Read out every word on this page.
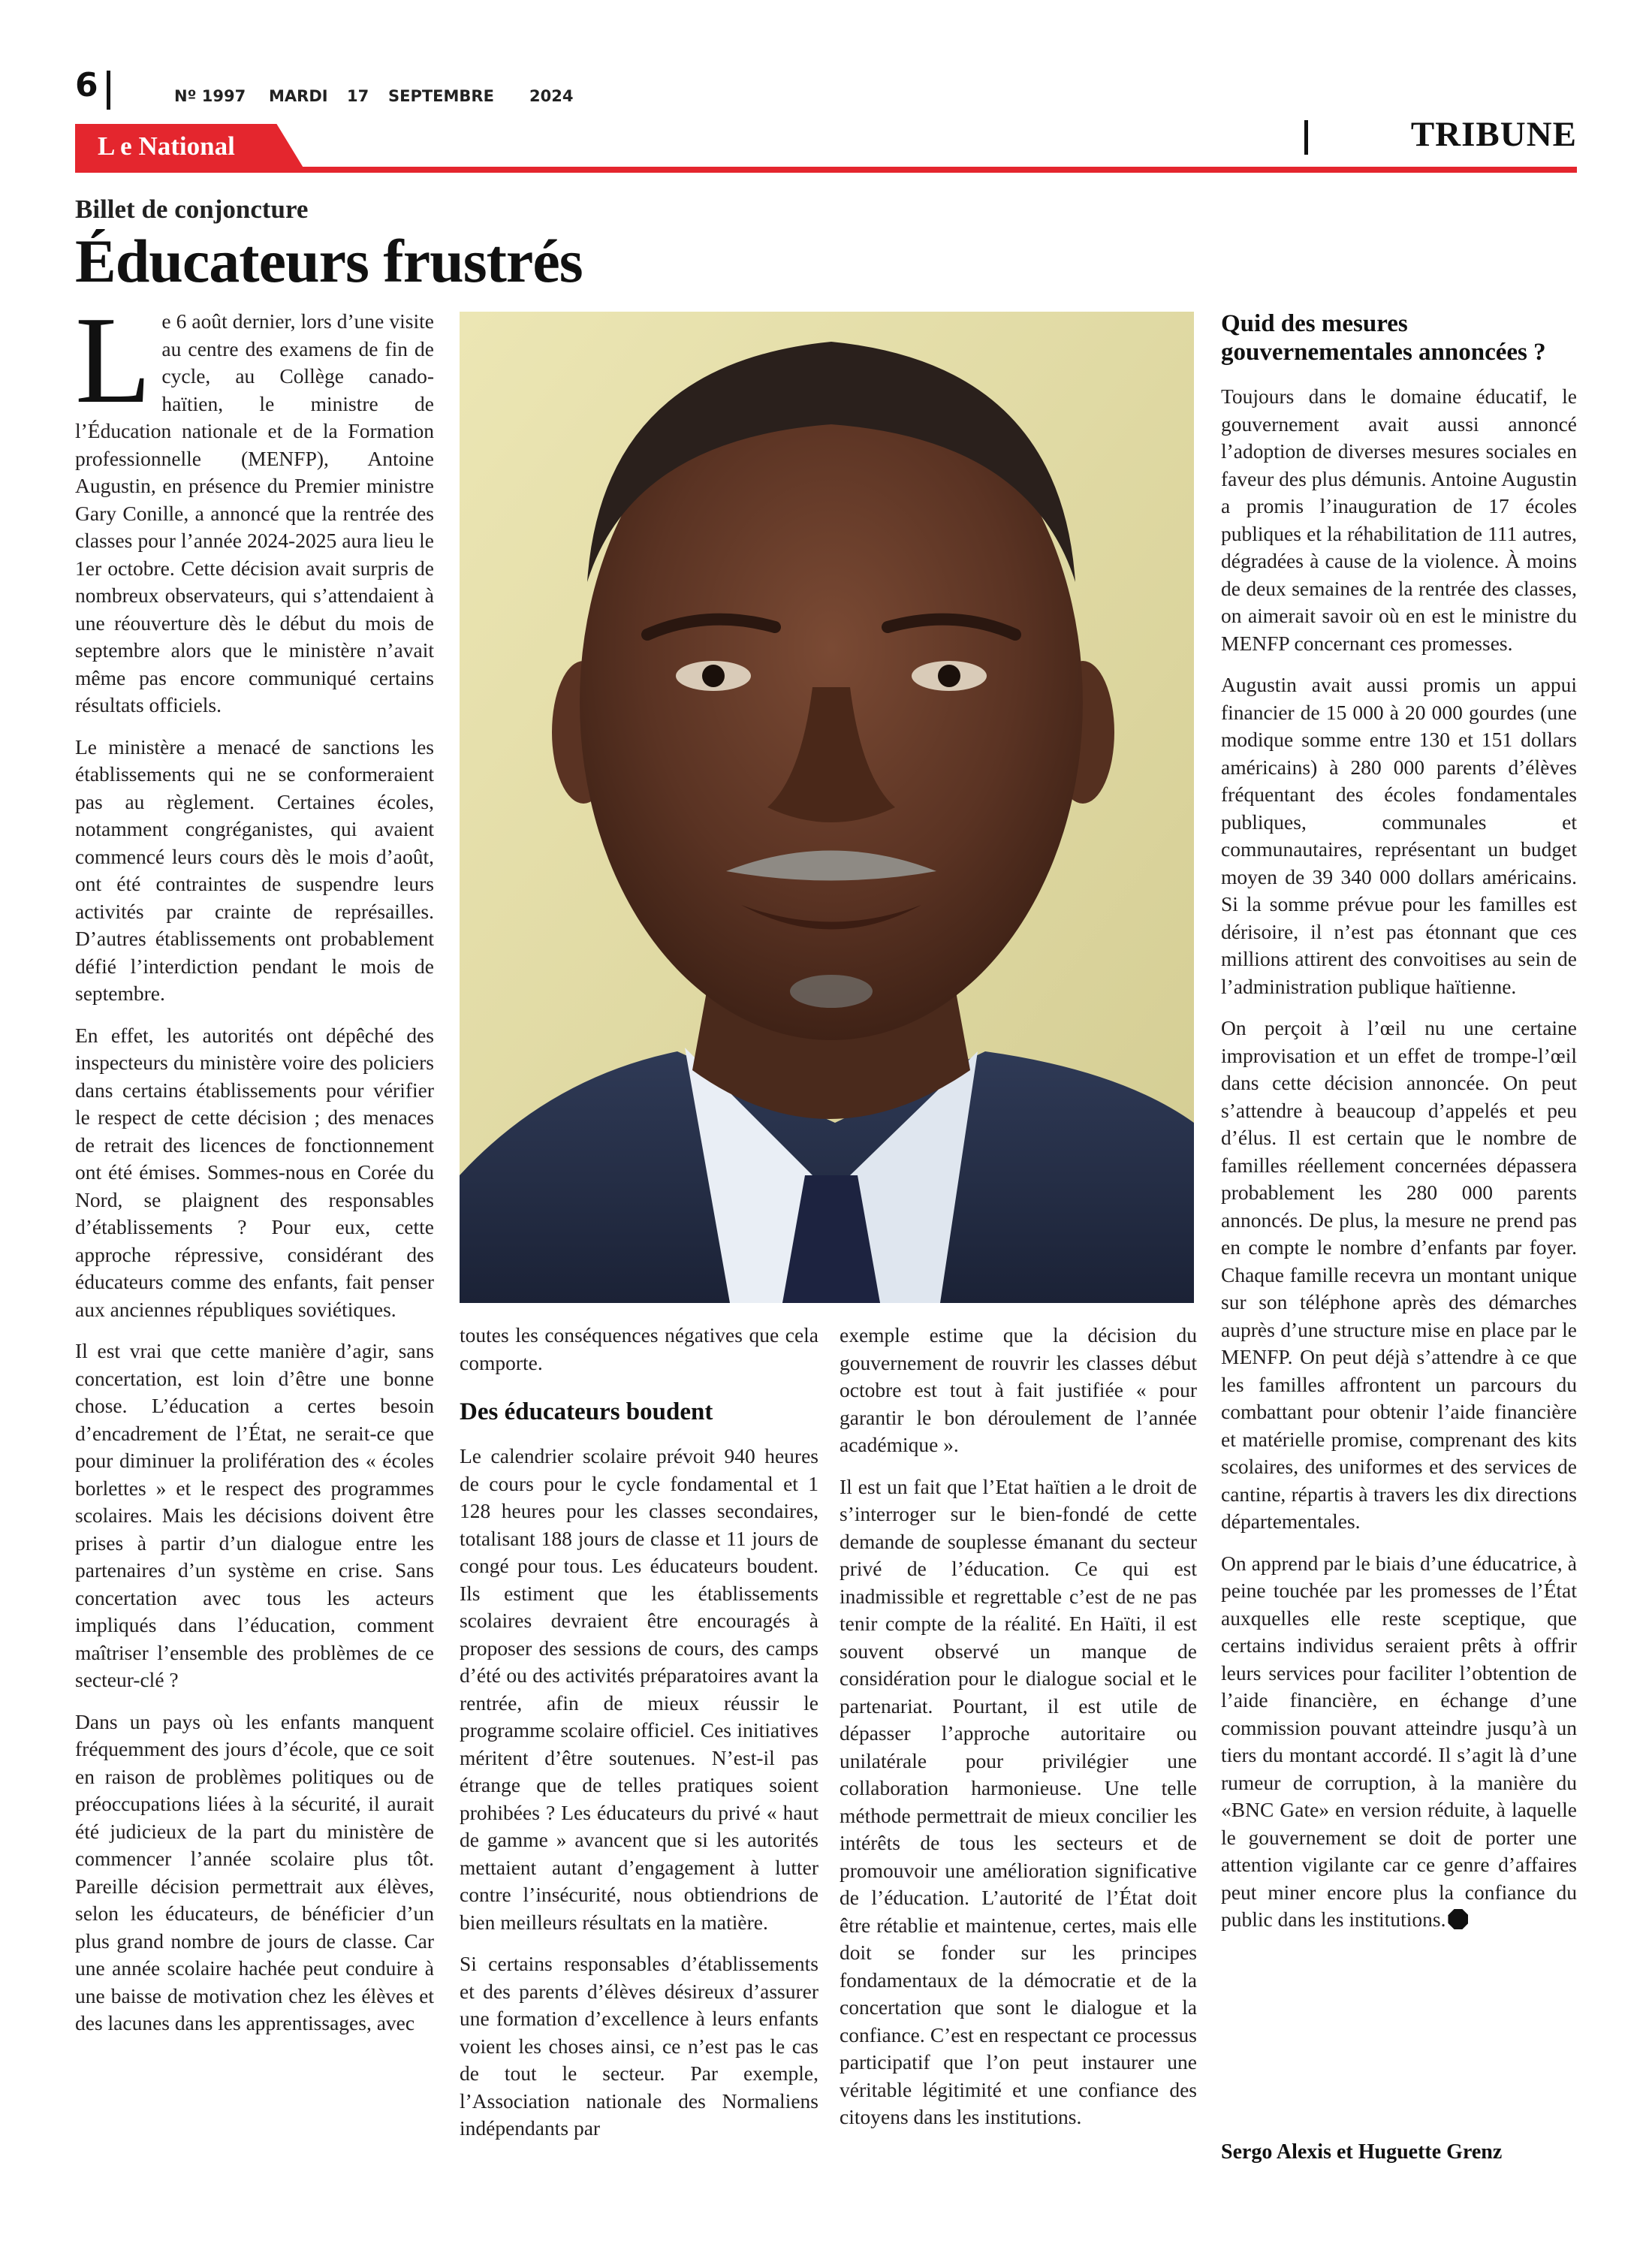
6	Nº 1997 MARDI 17 SEPTEMBRE 2024
L e National	TRIBUNE
Billet de conjoncture
Éducateurs frustrés

Le 6 août dernier, lors d’une visite au centre des examens de fin de cycle, au Collège canado-haïtien, le ministre de l’Éducation nationale et de la Formation professionnelle (MENFP), Antoine Augustin, en présence du Premier ministre Gary Conille, a annoncé que la rentrée des classes pour l’année 2024-2025 aura lieu le 1er octobre. Cette décision avait surpris de nombreux observateurs, qui s’attendaient à une réouverture dès le début du mois de septembre alors que le ministère n’avait même pas encore communiqué certains résultats officiels.

Le ministère a menacé de sanctions les établissements qui ne se conformeraient pas au règlement. Certaines écoles, notamment congréganistes, qui avaient commencé leurs cours dès le mois d’août, ont été contraintes de suspendre leurs activités par crainte de représailles. D’autres établissements ont probablement défié l’interdiction pendant le mois de septembre.

En effet, les autorités ont dépêché des inspecteurs du ministère voire des policiers dans certains établissements pour vérifier le respect de cette décision ; des menaces de retrait des licences de fonctionnement ont été émises. Sommes-nous en Corée du Nord, se plaignent des responsables d’établissements ? Pour eux, cette approche répressive, considérant des éducateurs comme des enfants, fait penser aux anciennes républiques soviétiques.

Il est vrai que cette manière d’agir, sans concertation, est loin d’être une bonne chose. L’éducation a certes besoin d’encadrement de l’État, ne serait-ce que pour diminuer la prolifération des « écoles borlettes » et le respect des programmes scolaires. Mais les décisions doivent être prises à partir d’un dialogue entre les partenaires d’un système en crise. Sans concertation avec tous les acteurs impliqués dans l’éducation, comment maîtriser l’ensemble des problèmes de ce secteur-clé ?

Dans un pays où les enfants manquent fréquemment des jours d’école, que ce soit en raison de problèmes politiques ou de préoccupations liées à la sécurité, il aurait été judicieux de la part du ministère de commencer l’année scolaire plus tôt. Pareille décision permettrait aux élèves, selon les éducateurs, de bénéficier d’un plus grand nombre de jours de classe. Car une année scolaire hachée peut conduire à une baisse de motivation chez les élèves et des lacunes dans les apprentissages, avec

toutes les conséquences négatives que cela comporte.

Des éducateurs boudent

Le calendrier scolaire prévoit 940 heures de cours pour le cycle fondamental et 1 128 heures pour les classes secondaires, totalisant 188 jours de classe et 11 jours de congé pour tous. Les éducateurs boudent. Ils estiment que les établissements scolaires devraient être encouragés à proposer des sessions de cours, des camps d’été ou des activités préparatoires avant la rentrée, afin de mieux réussir le programme scolaire officiel. Ces initiatives méritent d’être soutenues. N’est-il pas étrange que de telles pratiques soient prohibées ? Les éducateurs du privé « haut de gamme » avancent que si les autorités mettaient autant d’engagement à lutter contre l’insécurité, nous obtiendrions de bien meilleurs résultats en la matière.

Si certains responsables d’établissements et des parents d’élèves désireux d’assurer une formation d’excellence à leurs enfants voient les choses ainsi, ce n’est pas le cas de tout le secteur. Par exemple, l’Association nationale des Normaliens indépendants par

exemple estime que la décision du gouvernement de rouvrir les classes début octobre est tout à fait justifiée « pour garantir le bon déroulement de l’année académique ».

Il est un fait que l’Etat haïtien a le droit de s’interroger sur le bien-fondé de cette demande de souplesse émanant du secteur privé de l’éducation. Ce qui est inadmissible et regrettable c’est de ne pas tenir compte de la réalité. En Haïti, il est souvent observé un manque de considération pour le dialogue social et le partenariat. Pourtant, il est utile de dépasser l’approche autoritaire ou unilatérale pour privilégier une collaboration harmonieuse. Une telle méthode permettrait de mieux concilier les intérêts de tous les secteurs et de promouvoir une amélioration significative de l’éducation. L’autorité de l’État doit être rétablie et maintenue, certes, mais elle doit se fonder sur les principes fondamentaux de la démocratie et de la concertation que sont le dialogue et la confiance. C’est en respectant ce processus participatif que l’on peut instaurer une véritable légitimité et une confiance des citoyens dans les institutions.

Quid des mesures gouvernementales annoncées ?

Toujours dans le domaine éducatif, le gouvernement avait aussi annoncé l’adoption de diverses mesures sociales en faveur des plus démunis. Antoine Augustin a promis l’inauguration de 17 écoles publiques et la réhabilitation de 111 autres, dégradées à cause de la violence. À moins de deux semaines de la rentrée des classes, on aimerait savoir où en est le ministre du MENFP concernant ces promesses.

Augustin avait aussi promis un appui financier de 15 000 à 20 000 gourdes (une modique somme entre 130 et 151 dollars américains) à 280 000 parents d’élèves fréquentant des écoles fondamentales publiques, communales et communautaires, représentant un budget moyen de 39 340 000 dollars américains. Si la somme prévue pour les familles est dérisoire, il n’est pas étonnant que ces millions attirent des convoitises au sein de l’administration publique haïtienne.

On perçoit à l’œil nu une certaine improvisation et un effet de trompe-l’œil dans cette décision annoncée. On peut s’attendre à beaucoup d’appelés et peu d’élus. Il est certain que le nombre de familles réellement concernées dépassera probablement les 280 000 parents annoncés. De plus, la mesure ne prend pas en compte le nombre d’enfants par foyer. Chaque famille recevra un montant unique sur son téléphone après des démarches auprès d’une structure mise en place par le MENFP. On peut déjà s’attendre à ce que les familles affrontent un parcours du combattant pour obtenir l’aide financière et matérielle promise, comprenant des kits scolaires, des uniformes et des services de cantine, répartis à travers les dix directions départementales.

On apprend par le biais d’une éducatrice, à peine touchée par les promesses de l’État auxquelles elle reste sceptique, que certains individus seraient prêts à offrir leurs services pour faciliter l’obtention de l’aide financière, en échange d’une commission pouvant atteindre jusqu’à un tiers du montant accordé. Il s’agit là d’une rumeur de corruption, à la manière du «BNC Gate» en version réduite, à laquelle le gouvernement se doit de porter une attention vigilante car ce genre d’affaires peut miner encore plus la confiance du public dans les institutions.

Sergo Alexis et Huguette Grenz
